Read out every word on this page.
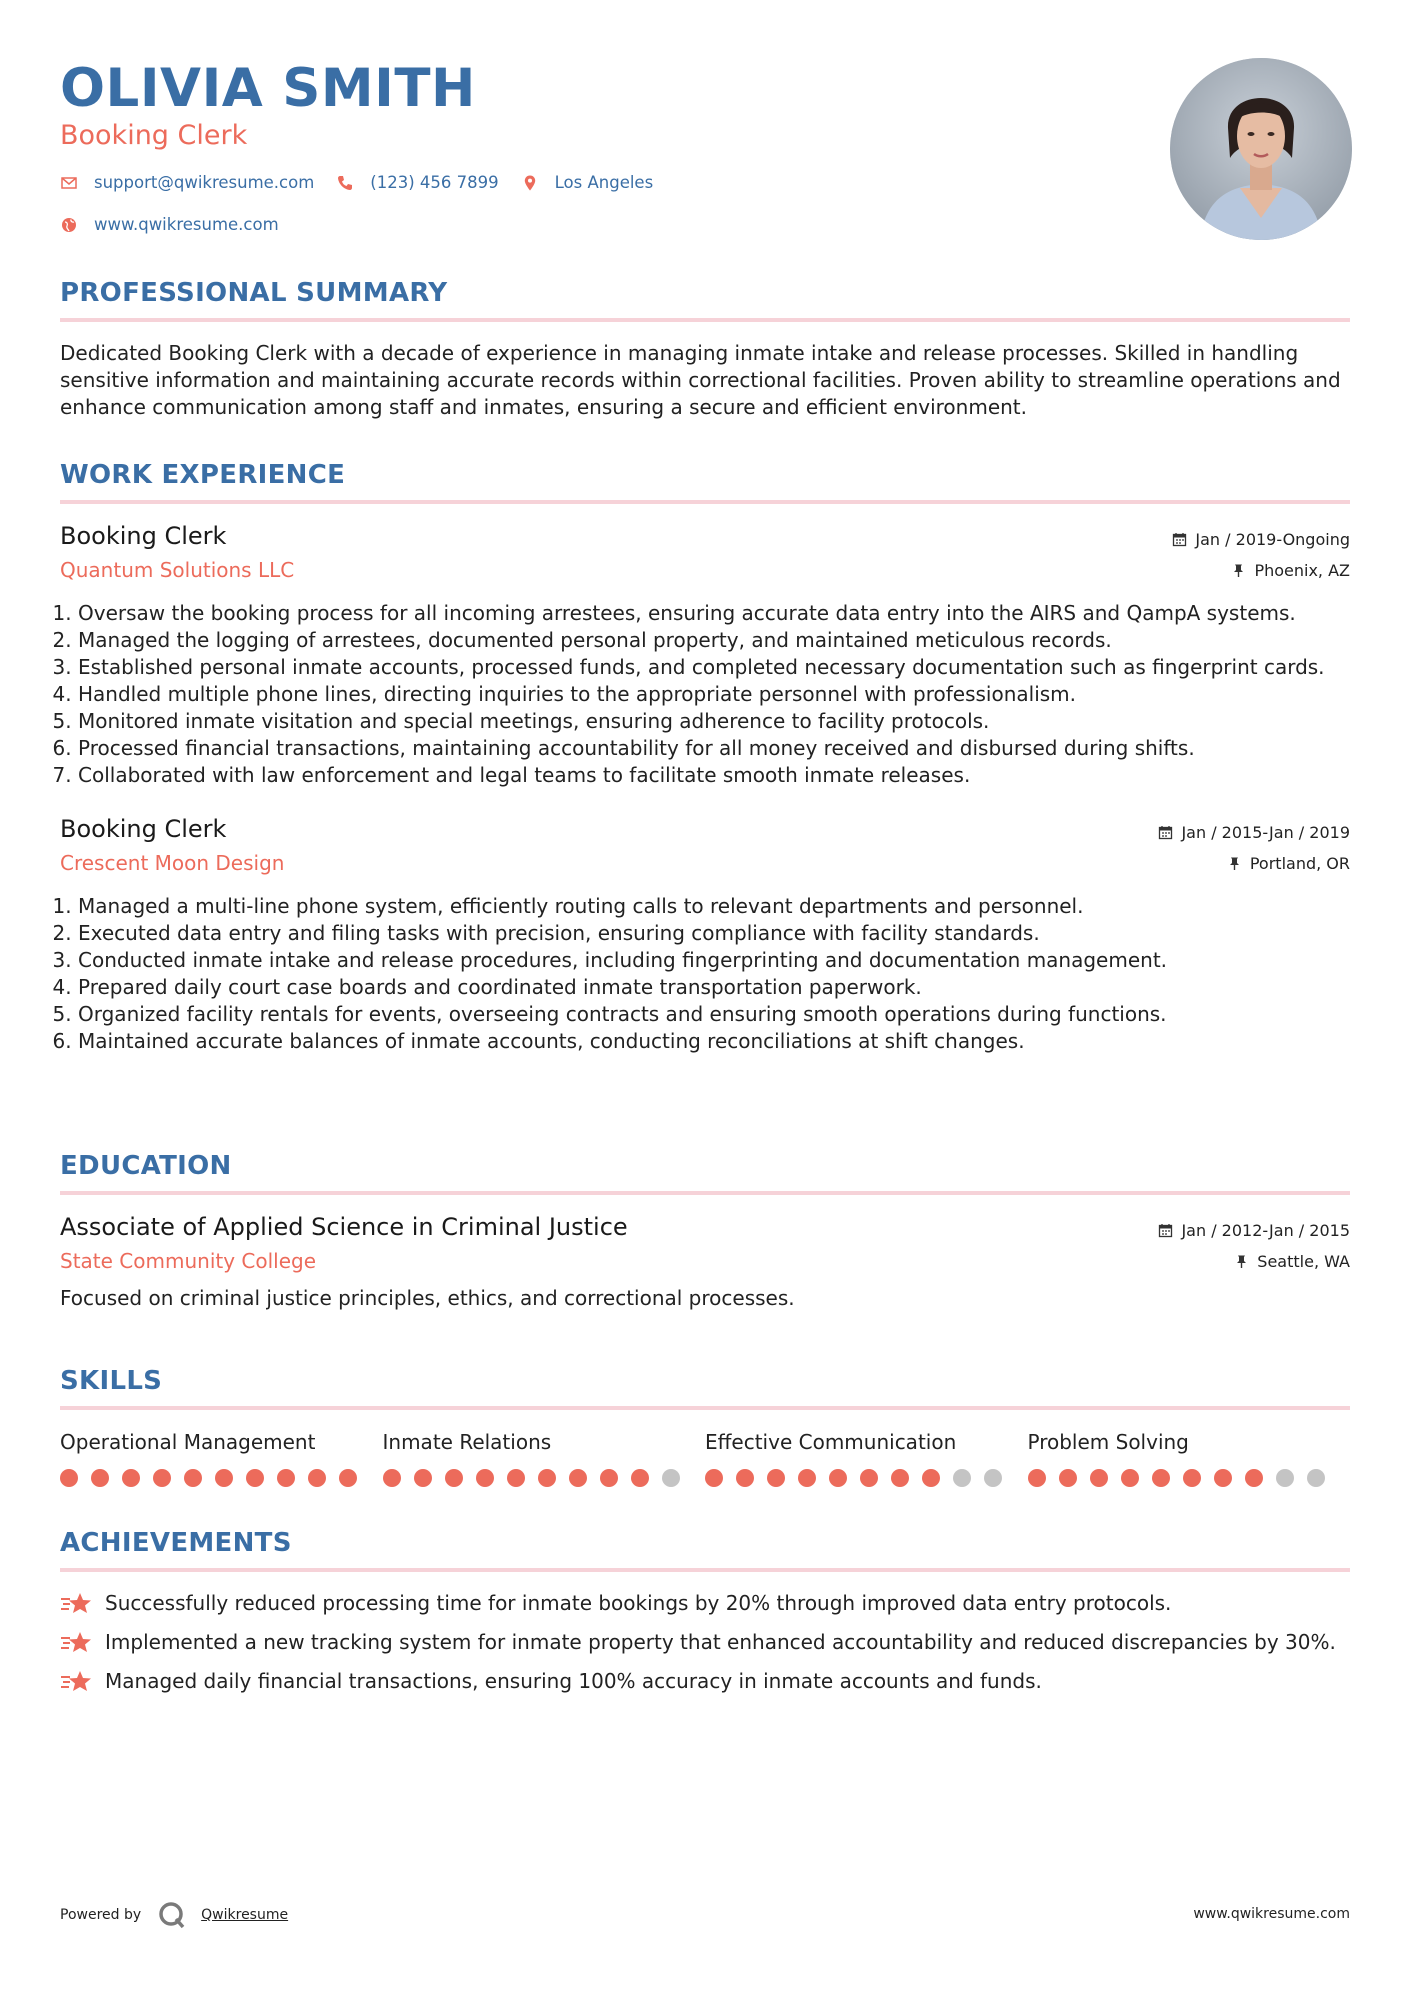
OLIVIA SMITH
Booking Clerk
support@qwikresume.com	(123) 456 7899	Los Angeles
www.qwikresume.com
PROFESSIONAL SUMMARY
Dedicated Booking Clerk with a decade of experience in managing inmate intake and release processes. Skilled in handling sensitive information and maintaining accurate records within correctional facilities. Proven ability to streamline operations and enhance communication among staff and inmates, ensuring a secure and efficient environment.
WORK EXPERIENCE
Booking Clerk
Quantum Solutions LLC
Jan / 2019-Ongoing
Phoenix, AZ
1. Oversaw the booking process for all incoming arrestees, ensuring accurate data entry into the AIRS and QampA systems.
2. Managed the logging of arrestees, documented personal property, and maintained meticulous records.
3. Established personal inmate accounts, processed funds, and completed necessary documentation such as fingerprint cards.
4. Handled multiple phone lines, directing inquiries to the appropriate personnel with professionalism.
5. Monitored inmate visitation and special meetings, ensuring adherence to facility protocols.
6. Processed financial transactions, maintaining accountability for all money received and disbursed during shifts.
7. Collaborated with law enforcement and legal teams to facilitate smooth inmate releases.
Booking Clerk
Crescent Moon Design
Jan / 2015-Jan / 2019
Portland, OR
1. Managed a multi-line phone system, efficiently routing calls to relevant departments and personnel.
2. Executed data entry and filing tasks with precision, ensuring compliance with facility standards.
3. Conducted inmate intake and release procedures, including fingerprinting and documentation management.
4. Prepared daily court case boards and coordinated inmate transportation paperwork.
5. Organized facility rentals for events, overseeing contracts and ensuring smooth operations during functions.
6. Maintained accurate balances of inmate accounts, conducting reconciliations at shift changes.
EDUCATION
Associate of Applied Science in Criminal Justice
State Community College
Jan / 2012-Jan / 2015
Seattle, WA
Focused on criminal justice principles, ethics, and correctional processes.
SKILLS
Operational Management	Inmate Relations	Effective Communication	Problem Solving
ACHIEVEMENTS
Successfully reduced processing time for inmate bookings by 20% through improved data entry protocols.
Implemented a new tracking system for inmate property that enhanced accountability and reduced discrepancies by 30%.
Managed daily financial transactions, ensuring 100% accuracy in inmate accounts and funds.
Powered by	Qwikresume	www.qwikresume.com
